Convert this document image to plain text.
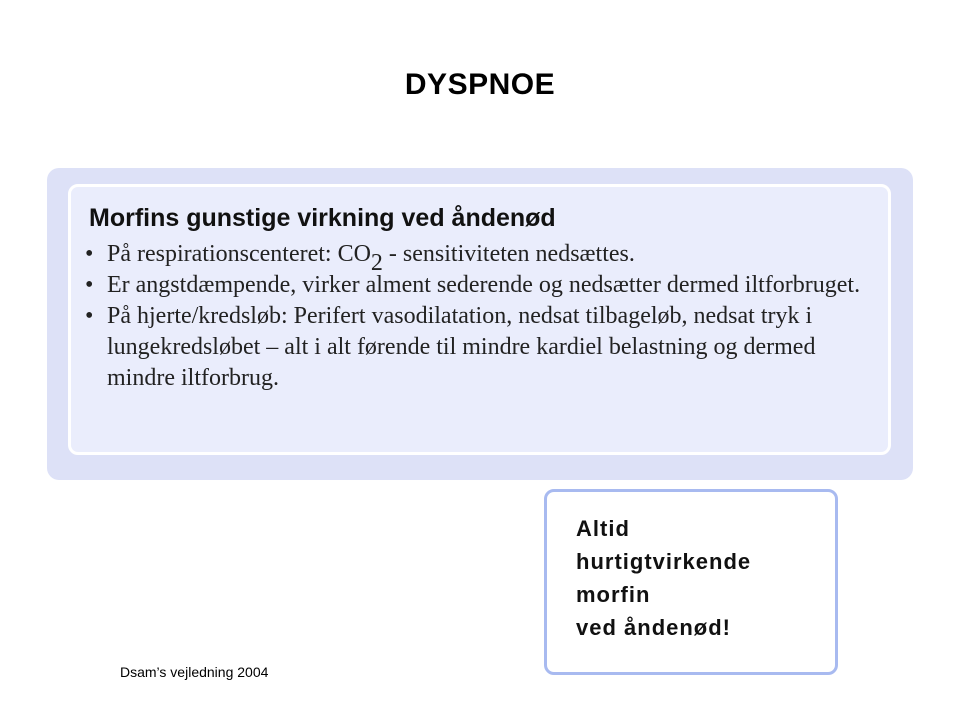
DYSPNOE
Morfins gunstige virkning ved åndenød
• På respirationscenteret: CO2 - sensitiviteten nedsættes.
• Er angstdæmpende, virker alment sederende og nedsætter dermed iltforbruget.
• På hjerte/kredsløb: Perifert vasodilatation, nedsat tilbageløb, nedsat tryk i lungekredsløbet – alt i alt førende til mindre kardiel belastning og dermed mindre iltforbrug.
Altid
hurtigtvirkende
morfin
ved åndenød!
Dsam’s vejledning 2004
